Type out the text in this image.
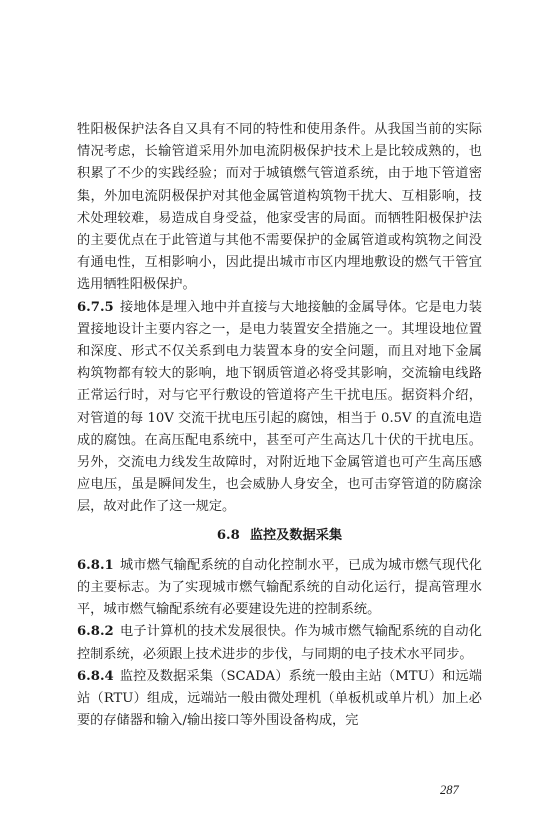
牲阳极保护法各自又具有不同的特性和使用条件。从我国当前的实际情况考虑，长输管道采用外加电流阴极保护技术上是比较成熟的，也积累了不少的实践经验；而对于城镇燃气管道系统，由于地下管道密集，外加电流阴极保护对其他金属管道构筑物干扰大、互相影响，技术处理较难，易造成自身受益，他家受害的局面。而牺牲阳极保护法的主要优点在于此管道与其他不需要保护的金属管道或构筑物之间没有通电性，互相影响小，因此提出城市市区内埋地敷设的燃气干管宜选用牺牲阳极保护。

6.7.5 接地体是埋入地中并直接与大地接触的金属导体。它是电力装置接地设计主要内容之一，是电力装置安全措施之一。其埋设地位置和深度、形式不仅关系到电力装置本身的安全问题，而且对地下金属构筑物都有较大的影响，地下钢质管道必将受其影响，交流输电线路正常运行时，对与它平行敷设的管道将产生干扰电压。据资料介绍，对管道的每 10V 交流干扰电压引起的腐蚀，相当于 0.5V 的直流电造成的腐蚀。在高压配电系统中，甚至可产生高达几十伏的干扰电压。另外，交流电力线发生故障时，对附近地下金属管道也可产生高压感应电压，虽是瞬间发生，也会威胁人身安全，也可击穿管道的防腐涂层，故对此作了这一规定。

6.8 监控及数据采集

6.8.1 城市燃气输配系统的自动化控制水平，已成为城市燃气现代化的主要标志。为了实现城市燃气输配系统的自动化运行，提高管理水平，城市燃气输配系统有必要建设先进的控制系统。

6.8.2 电子计算机的技术发展很快。作为城市燃气输配系统的自动化控制系统，必须跟上技术进步的步伐，与同期的电子技术水平同步。

6.8.4 监控及数据采集（SCADA）系统一般由主站（MTU）和远端站（RTU）组成，远端站一般由微处理机（单板机或单片机）加上必要的存储器和输入/输出接口等外围设备构成，完

287
